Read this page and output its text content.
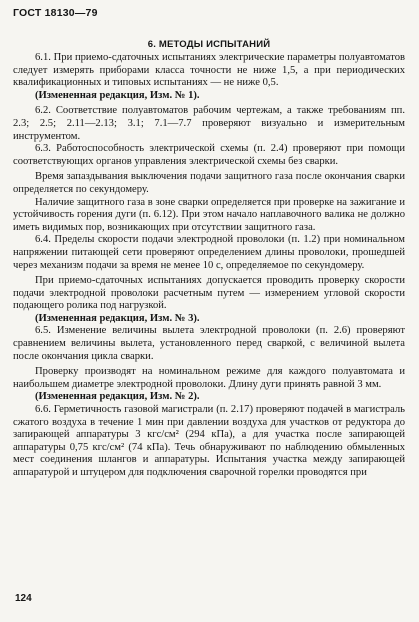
ГОСТ 18130—79
6. МЕТОДЫ ИСПЫТАНИЙ

6.1. При приемо-сдаточных испытаниях электрические параметры полуавтоматов следует измерять приборами класса точности не ниже 1,5, а при периодических квалификационных и типовых испытаниях — не ниже 0,5.

(Измененная редакция, Изм. № 1).

6.2. Соответствие полуавтоматов рабочим чертежам, а также требованиям пп. 2.3; 2.5; 2.11—2.13; 3.1; 7.1—7.7 проверяют визуально и измерительным инструментом.

6.3. Работоспособность электрической схемы (п. 2.4) проверяют при помощи соответствующих органов управления электрической схемы без сварки.

Время запаздывания выключения подачи защитного газа после окончания сварки определяется по секундомеру.

Наличие защитного газа в зоне сварки определяется при проверке на зажигание и устойчивость горения дуги (п. 6.12). При этом начало наплавочного валика не должно иметь видимых пор, возникающих при отсутствии защитного газа.

6.4. Пределы скорости подачи электродной проволоки (п. 1.2) при номинальном напряжении питающей сети проверяют определением длины проволоки, прошедшей через механизм подачи за время не менее 10 с, определяемое по секундомеру.

При приемо-сдаточных испытаниях допускается проводить проверку скорости подачи электродной проволоки расчетным путем — измерением угловой скорости подающего ролика под нагрузкой.

(Измененная редакция, Изм. № 3).

6.5. Изменение величины вылета электродной проволоки (п. 2.6) проверяют сравнением величины вылета, установленного перед сваркой, с величиной вылета после окончания цикла сварки.

Проверку производят на номинальном режиме для каждого полуавтомата и наибольшем диаметре электродной проволоки. Длину дуги принять равной 3 мм.

(Измененная редакция, Изм. № 2).

6.6. Герметичность газовой магистрали (п. 2.17) проверяют подачей в магистраль сжатого воздуха в течение 1 мин при давлении воздуха для участков от редуктора до запирающей аппаратуры 3 кгс/см² (294 кПа), а для участка после запирающей аппаратуры 0,75 кгс/см² (74 кПа). Течь обнаруживают по наблюдению обмыленных мест соединения шлангов и аппаратуры. Испытания участка между запирающей аппаратурой и штуцером для подключения сварочной горелки проводятся при

124
